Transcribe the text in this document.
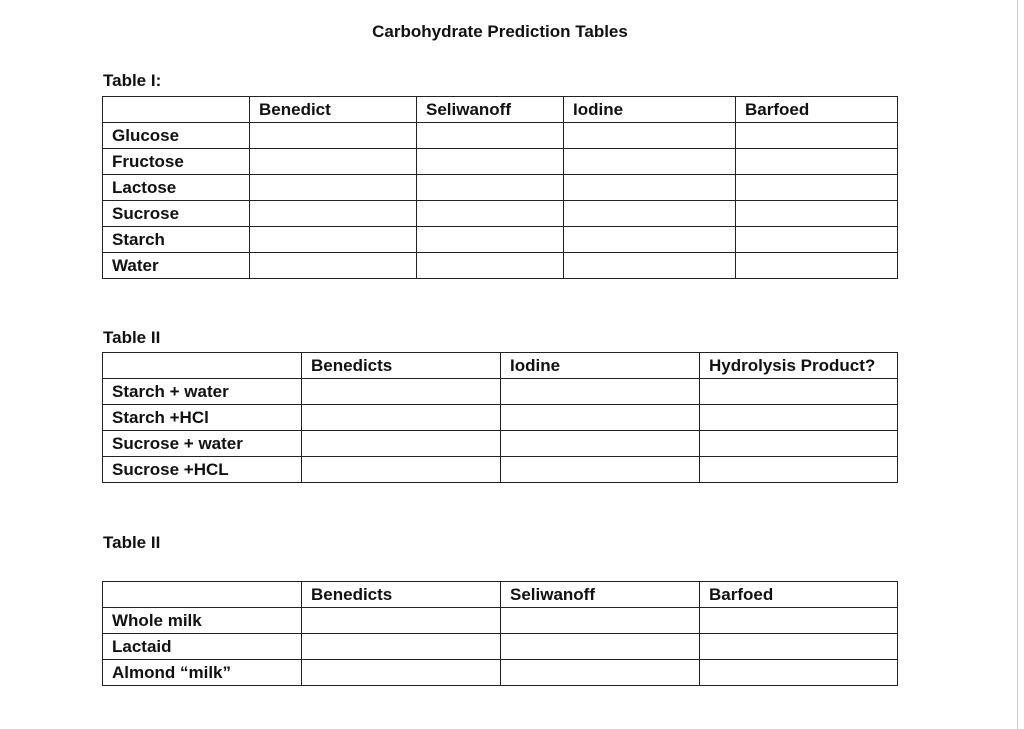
Carbohydrate Prediction Tables
Table I:
	Benedict	Seliwanoff	Iodine	Barfoed
Glucose				
Fructose				
Lactose				
Sucrose				
Starch				
Water				
Table II
	Benedicts	Iodine	Hydrolysis Product?
Starch + water			
Starch +HCl			
Sucrose + water			
Sucrose +HCL			
Table II
	Benedicts	Seliwanoff	Barfoed
Whole milk			
Lactaid			
Almond “milk”			
